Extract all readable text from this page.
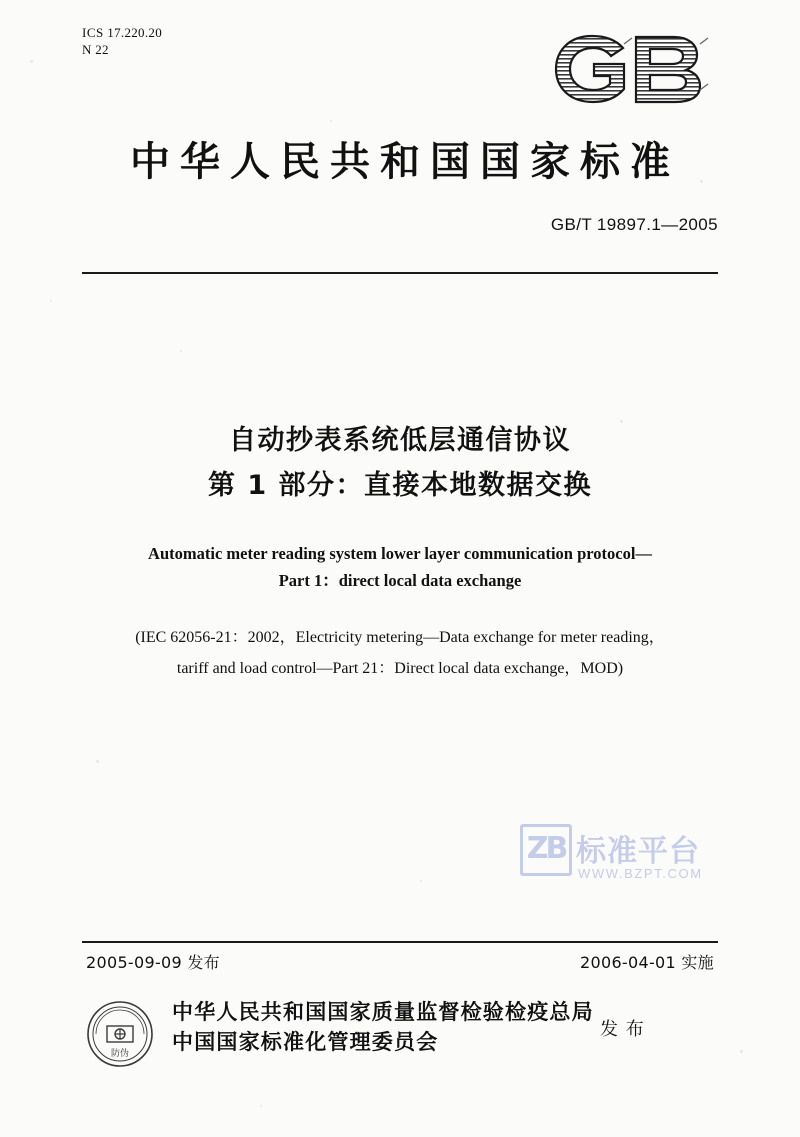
ICS 17.220.20
N 22
中华人民共和国国家标准
GB/T 19897.1—2005
自动抄表系统低层通信协议
第 1 部分：直接本地数据交换
Automatic meter reading system lower layer communication protocol—
Part 1：direct local data exchange
(IEC 62056-21：2002，Electricity metering—Data exchange for meter reading，
tariff and load control—Part 21：Direct local data exchange，MOD)
ZB 标准平台
WWW.BZPT.COM
2005-09-09 发布	2006-04-01 实施
防伪
中华人民共和国国家质量监督检验检疫总局
中国国家标准化管理委员会
发 布
